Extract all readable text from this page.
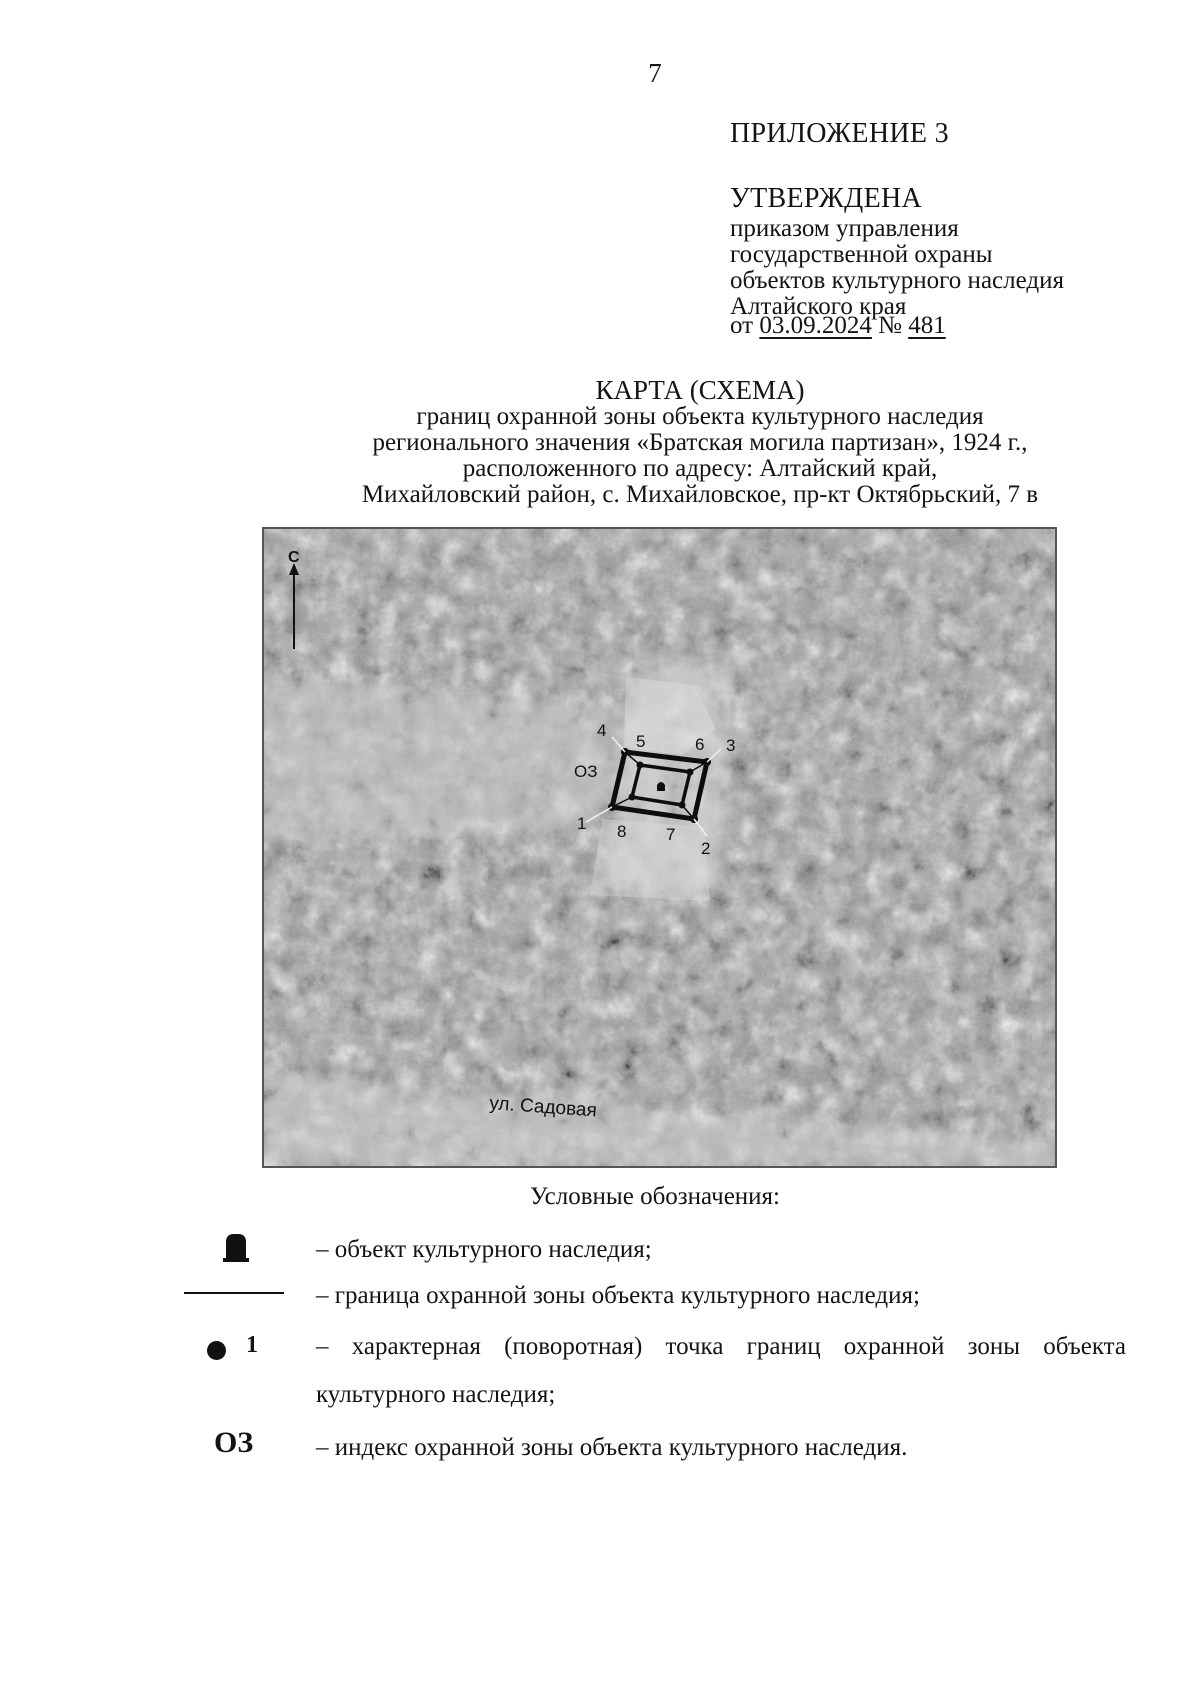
7
ПРИЛОЖЕНИЕ 3
УТВЕРЖДЕНА
приказом управления
государственной охраны
объектов культурного наследия
Алтайского края
от 03.09.2024 № 481
КАРТА (СХЕМА)
границ охранной зоны объекта культурного наследия
регионального значения «Братская могила партизан», 1924 г.,
расположенного по адресу: Алтайский край,
Михайловский район, с. Михайловское, пр-кт Октябрьский, 7 в
С
1
2
3
4
5	6
7
8
ОЗ
ул. Садовая
Условные обозначения:
1
ОЗ
– объект культурного наследия;
– граница охранной зоны объекта культурного наследия;
– характерная (поворотная) точка границ охранной зоны объекта
культурного наследия;
– индекс охранной зоны объекта культурного наследия.
